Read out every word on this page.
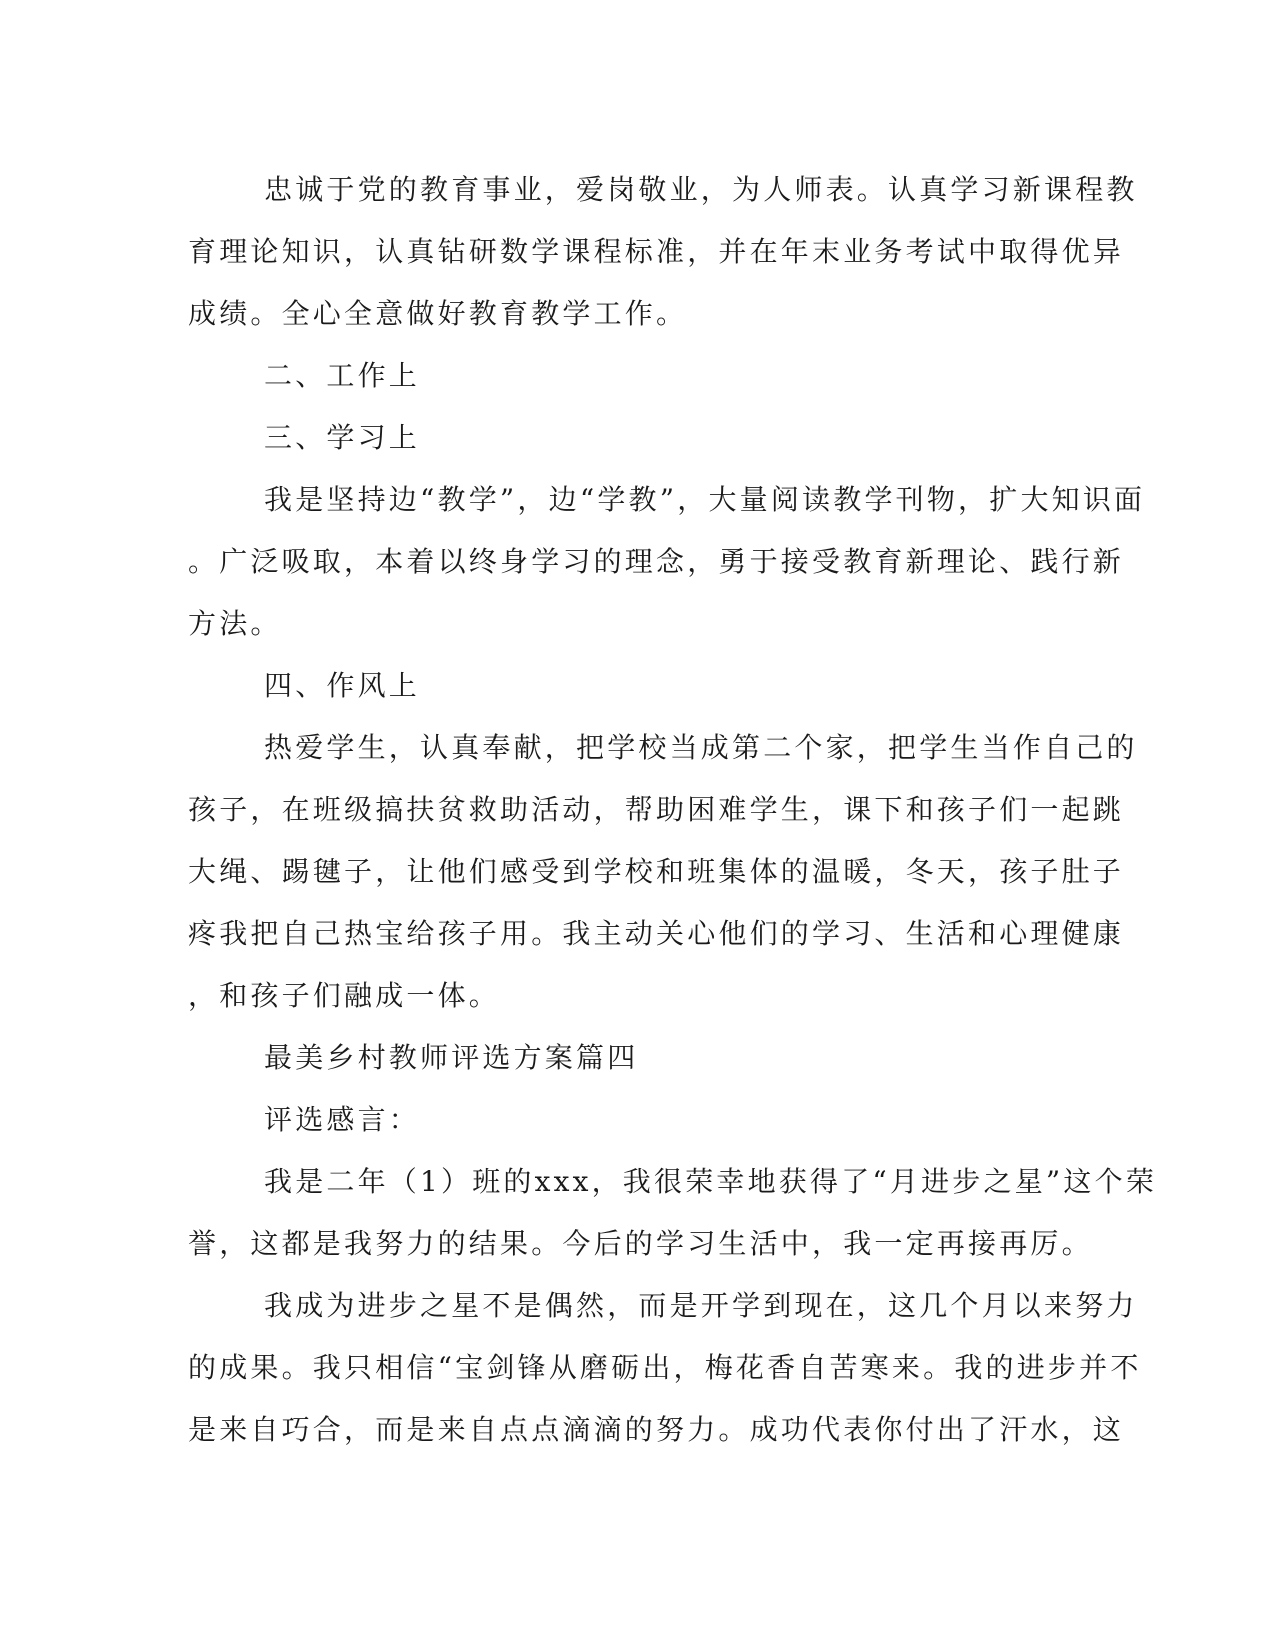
忠诚于党的教育事业，爱岗敬业，为人师表。认真学习新课程教
育理论知识，认真钻研数学课程标准，并在年末业务考试中取得优异
成绩。全心全意做好教育教学工作。
二、工作上
三、学习上
我是坚持边“教学”，边“学教”，大量阅读教学刊物，扩大知识面
。广泛吸取，本着以终身学习的理念，勇于接受教育新理论、践行新
方法。
四、作风上
热爱学生，认真奉献，把学校当成第二个家，把学生当作自己的
孩子，在班级搞扶贫救助活动，帮助困难学生，课下和孩子们一起跳
大绳、踢毽子，让他们感受到学校和班集体的温暖，冬天，孩子肚子
疼我把自己热宝给孩子用。我主动关心他们的学习、生活和心理健康
，和孩子们融成一体。
最美乡村教师评选方案篇四
评选感言：
我是二年（1）班的xxx，我很荣幸地获得了“月进步之星”这个荣
誉，这都是我努力的结果。今后的学习生活中，我一定再接再厉。
我成为进步之星不是偶然，而是开学到现在，这几个月以来努力
的成果。我只相信“宝剑锋从磨砺出，梅花香自苦寒来。我的进步并不
是来自巧合，而是来自点点滴滴的努力。成功代表你付出了汗水，这
